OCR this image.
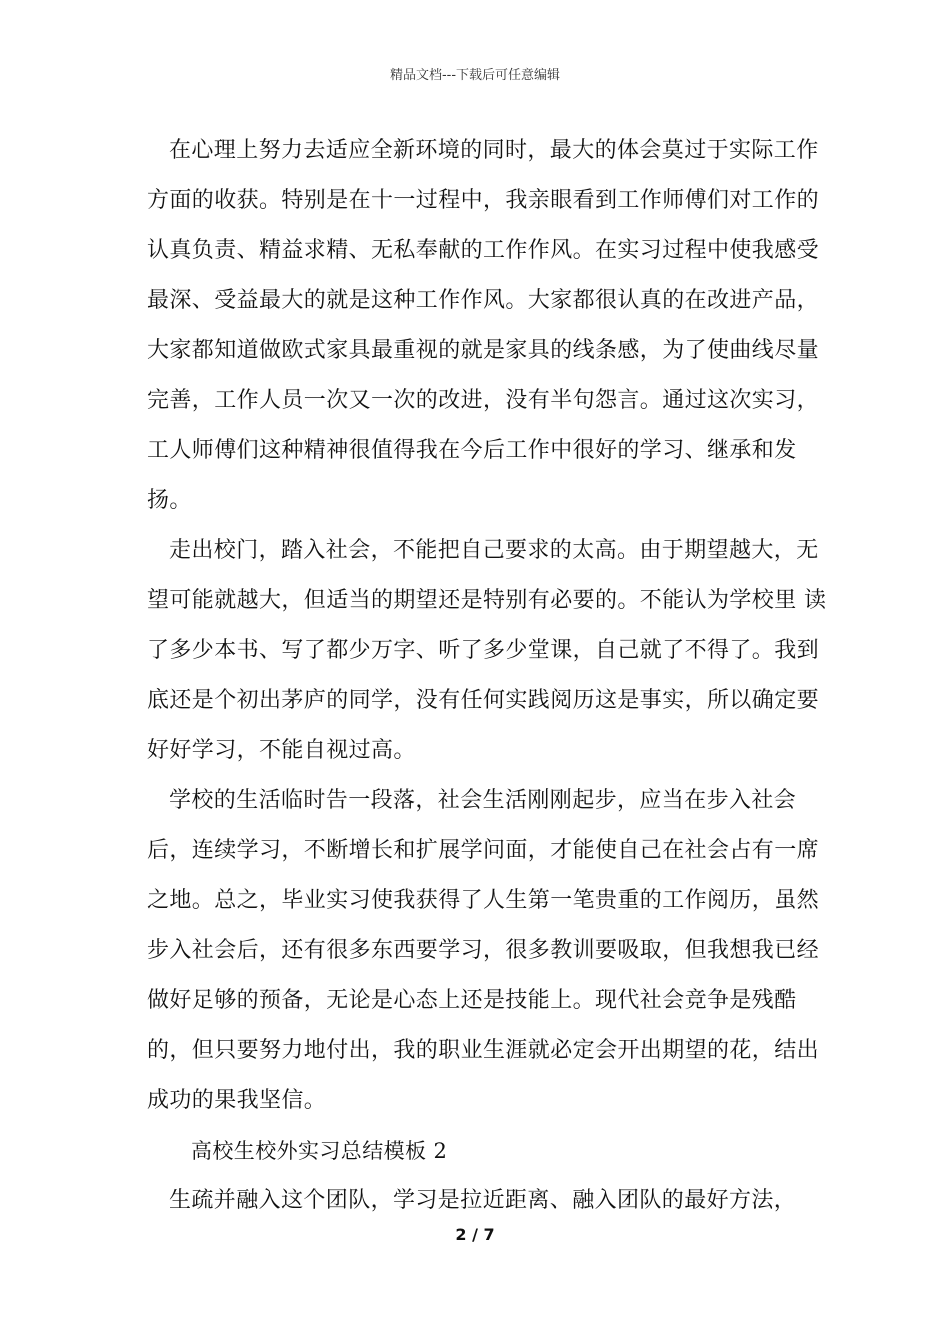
精品文档---下载后可任意编辑

在心理上努力去适应全新环境的同时，最大的体会莫过于实际工作方面的收获。特别是在十一过程中，我亲眼看到工作师傅们对工作的认真负责、精益求精、无私奉献的工作作风。在实习过程中使我感受最深、受益最大的就是这种工作作风。大家都很认真的在改进产品，大家都知道做欧式家具最重视的就是家具的线条感，为了使曲线尽量完善，工作人员一次又一次的改进，没有半句怨言。通过这次实习，工人师傅们这种精神很值得我在今后工作中很好的学习、继承和发扬。

走出校门，踏入社会，不能把自己要求的太高。由于期望越大，无望可能就越大，但适当的期望还是特别有必要的。不能认为学校里 读了多少本书、写了都少万字、听了多少堂课，自己就了不得了。我到底还是个初出茅庐的同学，没有任何实践阅历这是事实，所以确定要好好学习，不能自视过高。

学校的生活临时告一段落，社会生活刚刚起步，应当在步入社会后，连续学习，不断增长和扩展学问面，才能使自己在社会占有一席之地。总之，毕业实习使我获得了人生第一笔贵重的工作阅历，虽然步入社会后，还有很多东西要学习，很多教训要吸取，但我想我已经做好足够的预备，无论是心态上还是技能上。现代社会竞争是残酷的，但只要努力地付出，我的职业生涯就必定会开出期望的花，结出成功的果我坚信。

高校生校外实习总结模板 2

生疏并融入这个团队，学习是拉近距离、融入团队的最好方法，

2 / 7
